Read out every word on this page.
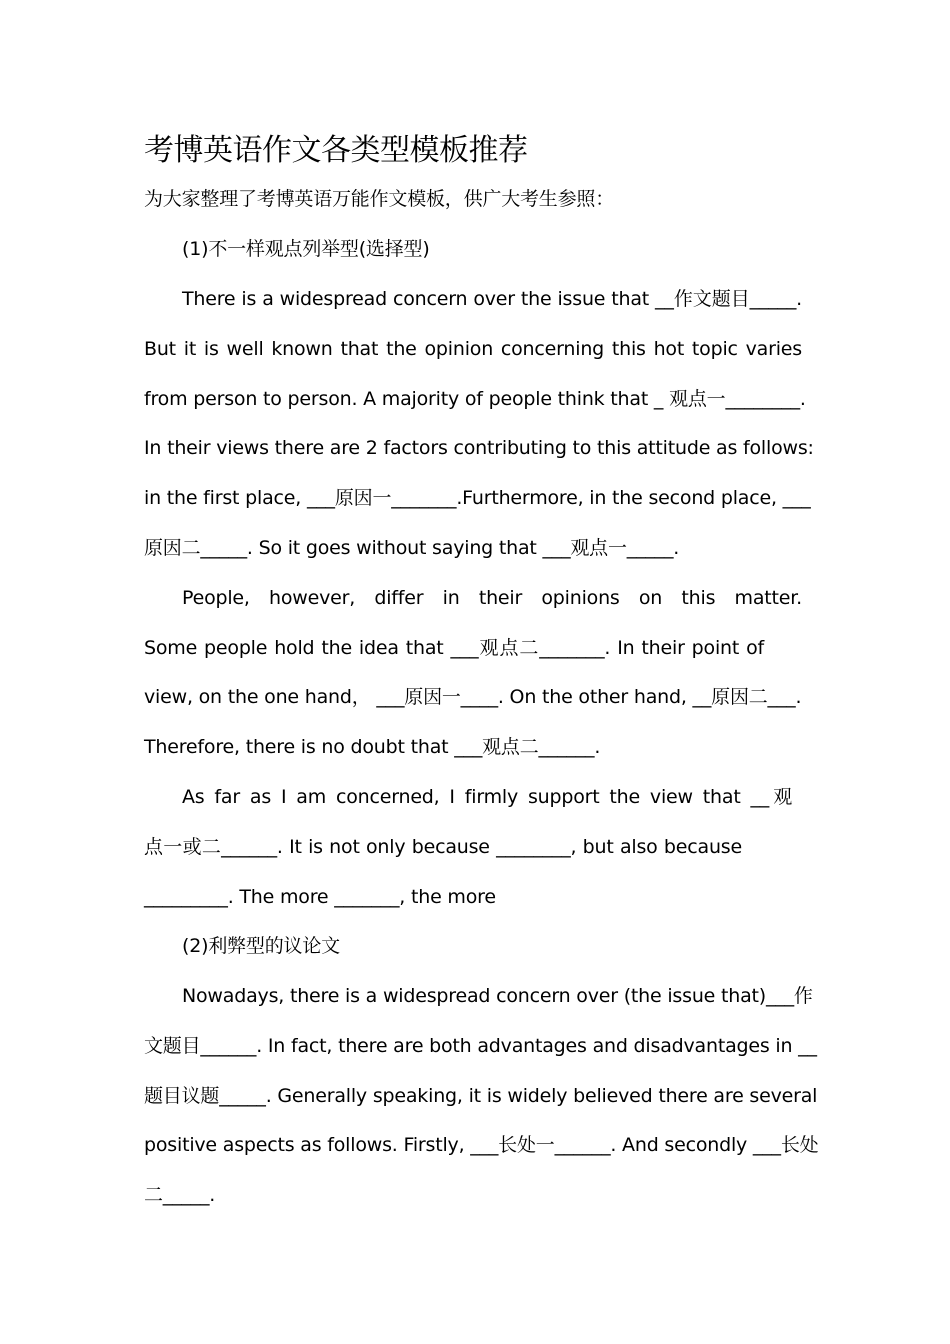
考博英语作文各类型模板推荐
为大家整理了考博英语万能作文模板，供广大考生参照：
(1)不一样观点列举型(选择型)
There is a widespread concern over the issue that __作文题目_____.
But it is well known that the opinion concerning this hot topic varies
from person to person. A majority of people think that _ 观点一________.
In their views there are 2 factors contributing to this attitude as follows:
in the first place, ___原因一_______.Furthermore, in the second place, ___
原因二_____. So it goes without saying that ___观点一_____.
People, however, differ in their opinions on this matter.
Some people hold the idea that ___观点二_______. In their point of
view, on the one hand， ___原因一____. On the other hand, __原因二___.
Therefore, there is no doubt that ___观点二______.
As far as I am concerned, I firmly support the view that __观
点一或二______. It is not only because ________, but also because
_________. The more _______, the more
(2)利弊型的议论文
Nowadays, there is a widespread concern over (the issue that)___作
文题目______. In fact, there are both advantages and disadvantages in __
题目议题_____. Generally speaking, it is widely believed there are several
positive aspects as follows. Firstly, ___长处一______. And secondly ___长处
二_____.
